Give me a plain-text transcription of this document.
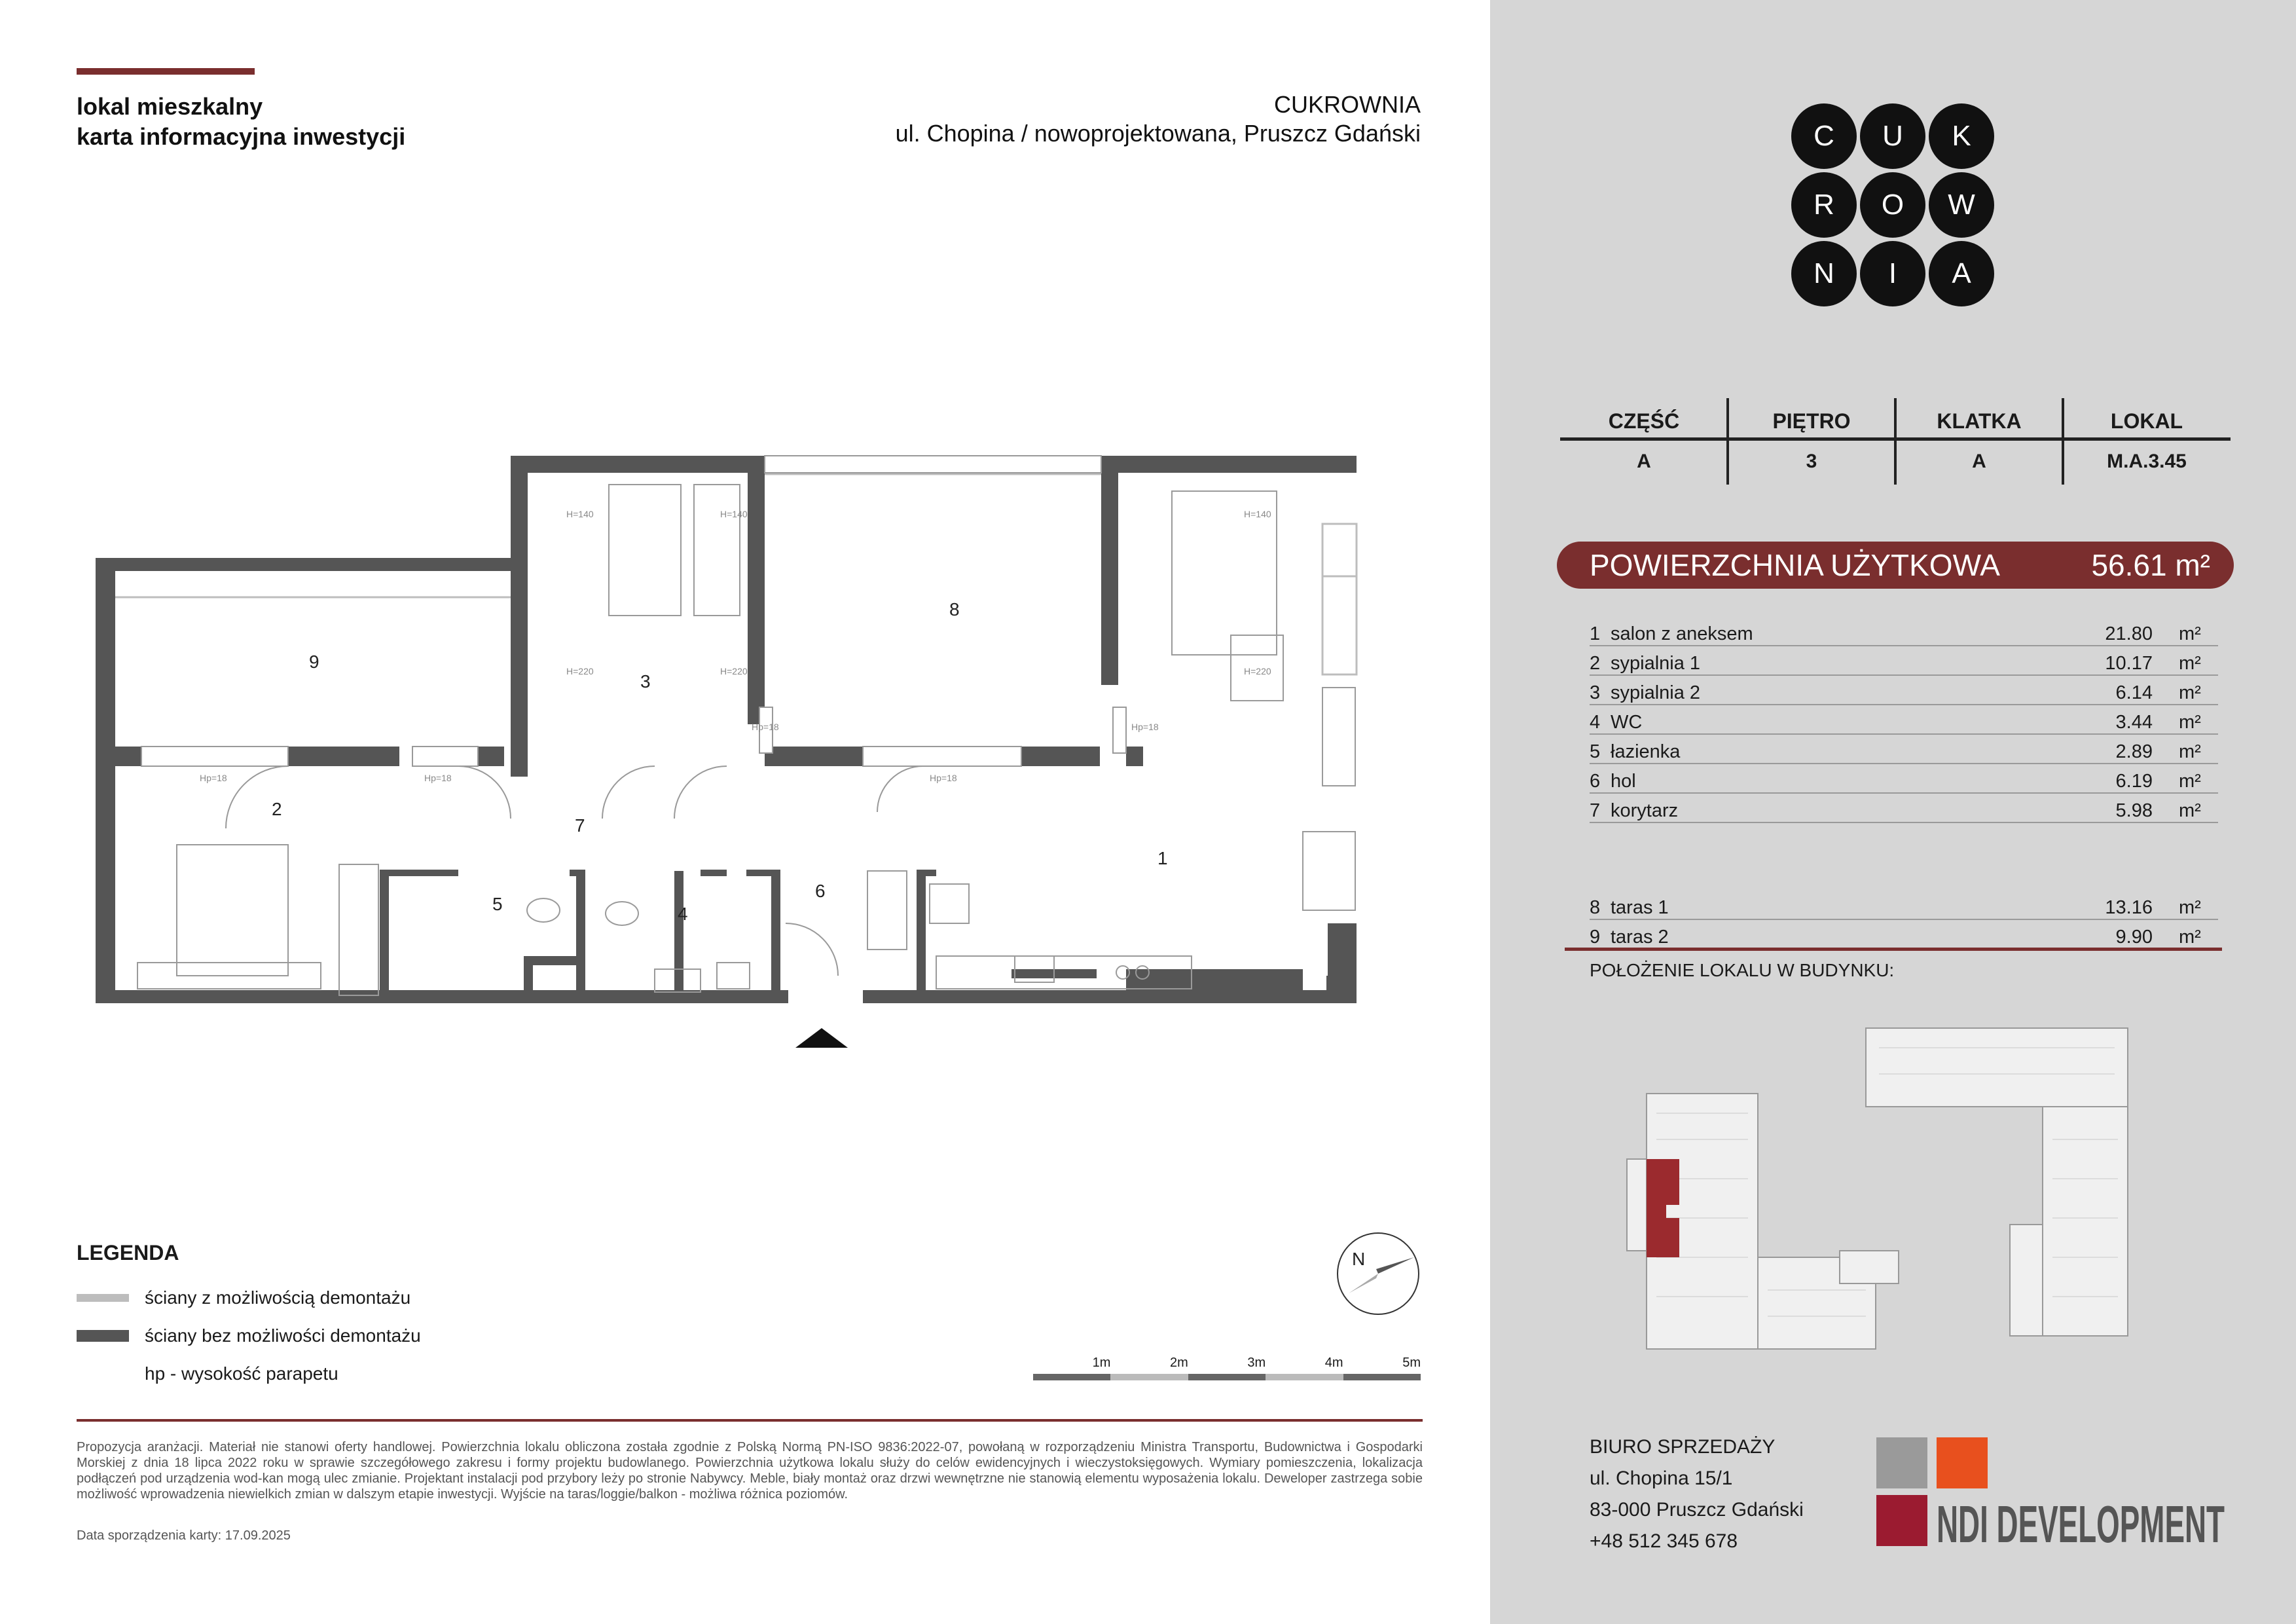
lokal mieszkalny
karta informacyjna inwestycji
CUKROWNIA
ul. Chopina / nowoprojektowana, Pruszcz Gdański
1
2
3
4
5
6
7
8
9
Hp=18	Hp=18	Hp=18
Hp=18	Hp=18
H=140	H=140	H=140
H=220	H=220	H=220
N
LEGENDA
ściany z możliwością demontażu
ściany bez możliwości demontażu
hp - wysokość parapetu
1m	2m	3m	4m	5m
Propozycja aranżacji. Materiał nie stanowi oferty handlowej. Powierzchnia lokalu obliczona została zgodnie z Polską Normą PN-ISO 9836:2022-07, powołaną w rozporządzeniu Ministra Transportu, Budownictwa i Gospodarki Morskiej z dnia 18 lipca 2022 roku w sprawie szczegółowego zakresu i formy projektu budowlanego. Powierzchnia użytkowa lokalu służy do celów ewidencyjnych i wieczystoksięgowych. Wymiary pomieszczenia, lokalizacja podłączeń pod urządzenia wod-kan mogą ulec zmianie. Projektant instalacji pod przybory leży po stronie Nabywcy. Meble, biały montaż oraz drzwi wewnętrzne nie stanowią elementu wyposażenia lokalu. Deweloper zastrzega sobie możliwość wprowadzenia niewielkich zmian w dalszym etapie inwestycji. Wyjście na taras/loggie/balkon - możliwa różnica poziomów.
Data sporządzenia karty: 17.09.2025
C	U	K
R	O	W
N	I	A
CZĘŚĆ	PIĘTRO	KLATKA	LOKAL
A	3	A	M.A.3.45
POWIERZCHNIA UŻYTKOWA	56.61 m²
1 salon z aneksem	21.80 m²
2 sypialnia 1	10.17 m²
3 sypialnia 2	6.14 m²
4 WC	3.44 m²
5 łazienka	2.89 m²
6 hol	6.19 m²
7 korytarz	5.98 m²
8 taras 1	13.16 m²
9 taras 2	9.90 m²
POŁOŻENIE LOKALU W BUDYNKU:
BIURO SPRZEDAŻY
ul. Chopina 15/1
83-000 Pruszcz Gdański
+48 512 345 678	NDI DEVELOPMENT
